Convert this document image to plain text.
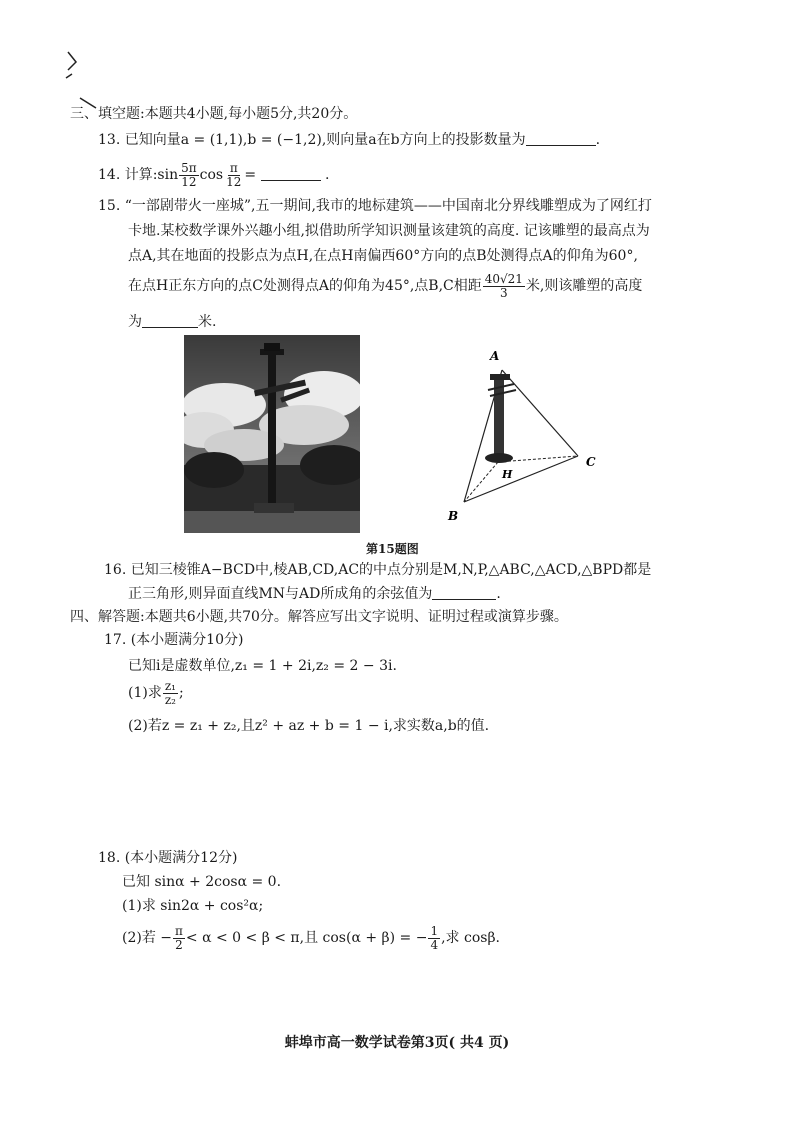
三、填空题:本题共4小题,每小题5分,共20分。
13. 已知向量a = (1,1),b = (−1,2),则向量a在b方向上的投影数量为	.
14. 计算:sin $\frac{5\pi}{12}$ $\cos \frac{\pi}{12}$ =	.
15. “一部剧带火一座城”,五一期间,我市的地标建筑——中国南北分界线雕塑成为了网红打
卡地.某校数学课外兴趣小组,拟借助所学知识测量该建筑的高度. 记该雕塑的最高点为
点A,其在地面的投影点为点H,在点H南偏西60°方向的点B处测得点A的仰角为60°,
在点H正东方向的点C处测得点A的仰角为45°,点B,C相距 $\frac{40√21}{3}$ 米,则该雕塑的高度
为	米.
A
B
C
H
第15题图
16. 已知三棱锥A−BCD中,棱AB,CD,AC的中点分别是M,N,P,△ABC,△ACD,△BPD都是
正三角形,则异面直线MN与AD所成角的余弦值为	.
四、解答题:本题共6小题,共70分。解答应写出文字说明、证明过程或演算步骤。
17. (本小题满分10分)
已知i是虚数单位,z₁ = 1 + 2i,z₂ = 2 − 3i.
(1)求 $\frac{\text{z₁}}{\text{z₂}}$ ;
(2)若z = z₁ + z₂,且z² + az + b = 1 − i,求实数a,b的值.
18. (本小题满分12分)
已知 sinα + 2cosα = 0.
(1)求 sin2α + cos²α;
(2)若 − $\frac{\pi}{2} < \alpha < 0 < \beta < \pi$,且 cos(α + β) = − $\frac{1}{4}$ ,求 cosβ.
蚌埠市高一数学试卷第3页( 共4 页)
